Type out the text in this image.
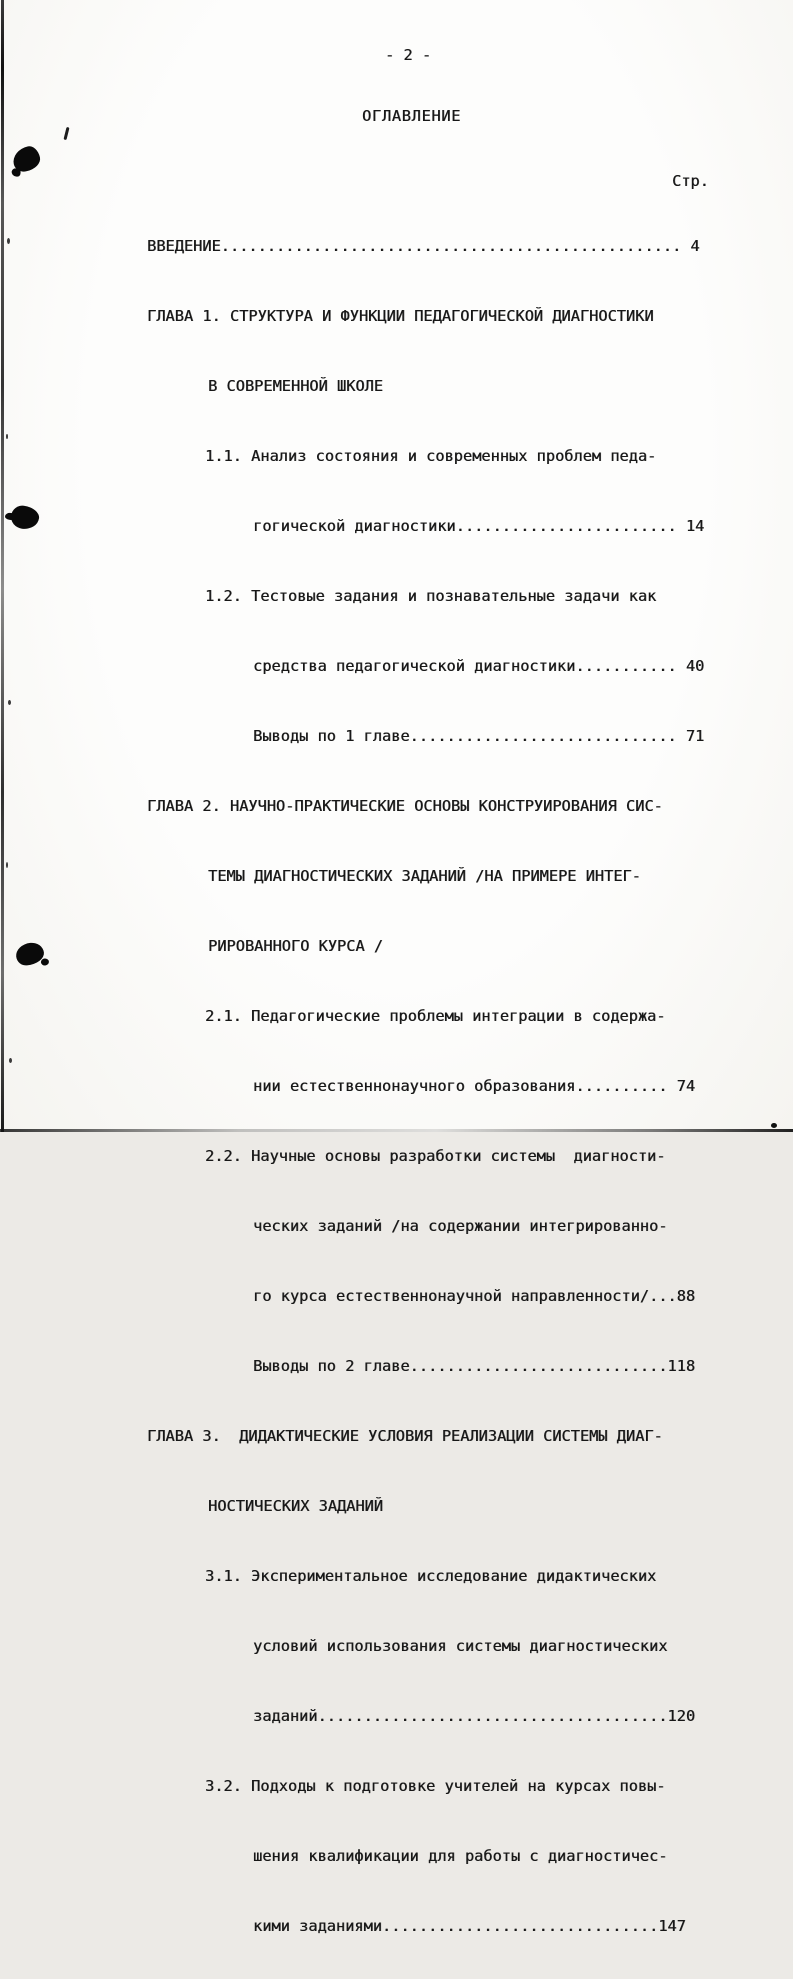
- 2 -
ОГЛАВЛЕНИЕ
Стр.

ВВЕДЕНИЕ.................................................. 4

ГЛАВА 1. СТРУКТУРА И ФУНКЦИИ ПЕДАГОГИЧЕСКОЙ ДИАГНОСТИКИ

В СОВРЕМЕННОЙ ШКОЛЕ

1.1. Анализ состояния и современных проблем педа-

гогической диагностики........................ 14

1.2. Тестовые задания и познавательные задачи как

средства педагогической диагностики........... 40

Выводы по 1 главе............................. 71

ГЛАВА 2. НАУЧНО-ПРАКТИЧЕСКИЕ ОСНОВЫ КОНСТРУИРОВАНИЯ СИС-

ТЕМЫ ДИАГНОСТИЧЕСКИХ ЗАДАНИЙ /НА ПРИМЕРЕ ИНТЕГ-

РИРОВАННОГО КУРСА /

2.1. Педагогические проблемы интеграции в содержа-

нии естественнонаучного образования.......... 74

2.2. Научные основы разработки системы  диагности-

ческих заданий /на содержании интегрированно-

го курса естественнонаучной направленности/...88

Выводы по 2 главе............................118

ГЛАВА 3.  ДИДАКТИЧЕСКИЕ УСЛОВИЯ РЕАЛИЗАЦИИ СИСТЕМЫ ДИАГ-

НОСТИЧЕСКИХ ЗАДАНИЙ

3.1. Экспериментальное исследование дидактических

условий использования системы диагностических

заданий......................................120

3.2. Подходы к подготовке учителей на курсах повы-

шения квалификации для работы с диагностичес-

кими заданиями..............................147
